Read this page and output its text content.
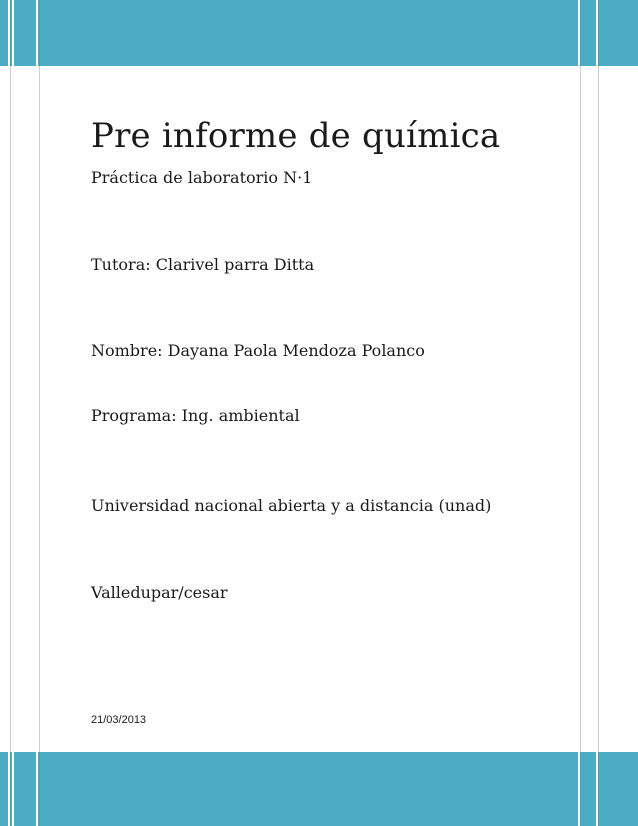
Pre informe de química
Práctica de laboratorio N·1
Tutora: Clarivel parra Ditta
Nombre: Dayana Paola Mendoza Polanco
Programa: Ing. ambiental
Universidad nacional abierta y a distancia (unad)
Valledupar/cesar
21/03/2013
